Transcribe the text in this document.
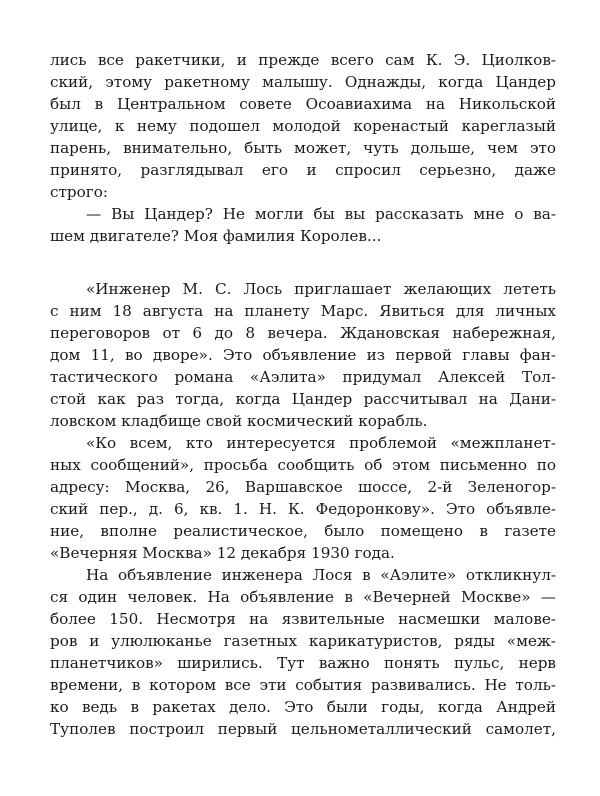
лись все ракетчики, и прежде всего сам К. Э. Циолков-
ский, этому ракетному малышу. Однажды, когда Цандер
был в Центральном совете Осоавиахима на Никольской
улице, к нему подошел молодой коренастый кареглазый
парень, внимательно, быть может, чуть дольше, чем это
принято, разглядывал его и спросил серьезно, даже
строго:
— Вы Цандер? Не могли бы вы рассказать мне о ва-
шем двигателе? Моя фамилия Королев...
«Инженер М. С. Лось приглашает желающих лететь
с ним 18 августа на планету Марс. Явиться для личных
переговоров от 6 до 8 вечера. Ждановская набережная,
дом 11, во дворе». Это объявление из первой главы фан-
тастического романа «Аэлита» придумал Алексей Тол-
стой как раз тогда, когда Цандер рассчитывал на Дани-
ловском кладбище свой космический корабль.
«Ко всем, кто интересуется проблемой «межпланет-
ных сообщений», просьба сообщить об этом письменно по
адресу: Москва, 26, Варшавское шоссе, 2-й Зеленогор-
ский пер., д. 6, кв. 1. Н. К. Федоронкову». Это объявле-
ние, вполне реалистическое, было помещено в газете
«Вечерняя Москва» 12 декабря 1930 года.
На объявление инженера Лося в «Аэлите» откликнул-
ся один человек. На объявление в «Вечерней Москве» —
более 150. Несмотря на язвительные насмешки малове-
ров и улюлюканье газетных карикатуристов, ряды «меж-
планетчиков» ширились. Тут важно понять пульс, нерв
времени, в котором все эти события развивались. Не толь-
ко ведь в ракетах дело. Это были годы, когда Андрей
Туполев построил первый цельнометаллический самолет,
